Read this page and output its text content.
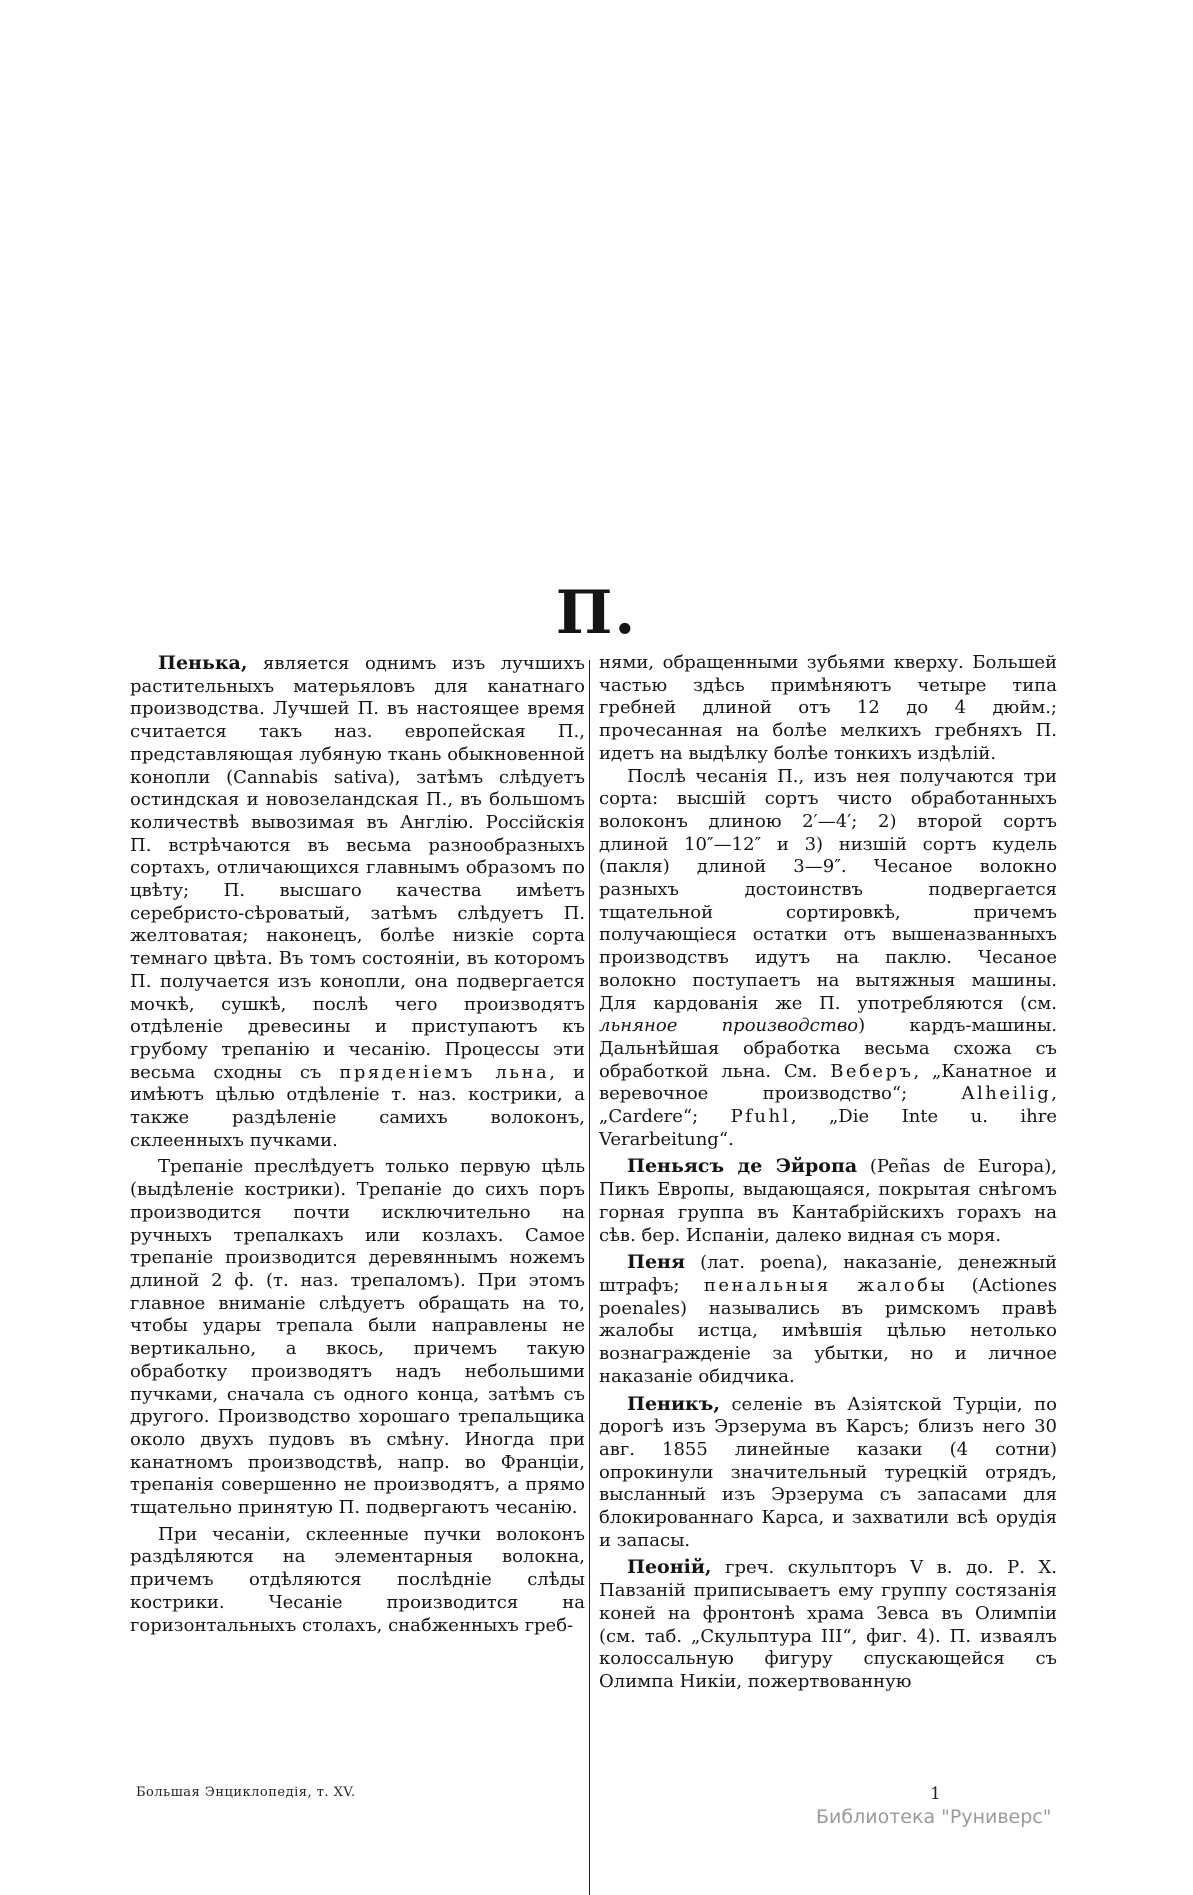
П.

Пенька, является однимъ изъ лучшихъ растительныхъ матерьяловъ для канатнаго производства. Лучшей П. въ настоящее время считается такъ наз. европейская П., представляющая лубяную ткань обыкновенной конопли (Cannabis sativa), затѣмъ слѣдуетъ остиндская и новозеландская П., въ большомъ количествѣ вывозимая въ Англію. Россійскія П. встрѣчаются въ весьма разнообразныхъ сортахъ, отличающихся главнымъ образомъ по цвѣту; П. высшаго качества имѣетъ серебристо-сѣроватый, затѣмъ слѣдуетъ П. желтоватая; наконецъ, болѣе низкіе сорта темнаго цвѣта. Въ томъ состояніи, въ которомъ П. получается изъ конопли, она подвергается мочкѣ, сушкѣ, послѣ чего производятъ отдѣленіе древесины и приступаютъ къ грубому трепанію и чесанію. Процессы эти весьма сходны съ пряденіемъ льна, и имѣютъ цѣлью отдѣленіе т. наз. кострики, а также раздѣленіе самихъ волоконъ, склеенныхъ пучками.

Трепаніе преслѣдуетъ только первую цѣль (выдѣленіе кострики). Трепаніе до сихъ поръ производится почти исключительно на ручныхъ трепалкахъ или козлахъ. Самое трепаніе производится деревяннымъ ножемъ длиной 2 ф. (т. наз. трепаломъ). При этомъ главное вниманіе слѣдуетъ обращать на то, чтобы удары трепала были направлены не вертикально, а вкось, причемъ такую обработку производятъ надъ небольшими пучками, сначала съ одного конца, затѣмъ съ другого. Производство хорошаго трепальщика около двухъ пудовъ въ смѣну. Иногда при канатномъ производствѣ, напр. во Франціи, трепанія совершенно не производятъ, а прямо тщательно принятую П. подвергаютъ чесанію.

При чесаніи, склеенные пучки волоконъ раздѣляются на элементарныя волокна, причемъ отдѣляются послѣдніе слѣды кострики. Чесаніе производится на горизонтальныхъ столахъ, снабженныхъ греб-

нями, обращенными зубьями кверху. Большей частью здѣсь примѣняютъ четыре типа гребней длиной отъ 12 до 4 дюйм.; прочесанная на болѣе мелкихъ гребняхъ П. идетъ на выдѣлку болѣе тонкихъ издѣлій.

Послѣ чесанія П., изъ нея получаются три сорта: высшій сортъ чисто обработанныхъ волоконъ длиною 2′—4′; 2) второй сортъ длиной 10″—12″ и 3) низшій сортъ кудель (пакля) длиной 3—9″. Чесаное волокно разныхъ достоинствъ подвергается тщательной сортировкѣ, причемъ получающіеся остатки отъ вышеназванныхъ производствъ идутъ на паклю. Чесаное волокно поступаетъ на вытяжныя машины. Для кардованія же П. употребляются (см. льняное производство) кардъ-машины. Дальнѣйшая обработка весьма схожа съ обработкой льна. См. Веберъ, „Канатное и веревочное производство“; Alheilig, „Cardere“; Pfuhl, „Die Inte u. ihre Verarbeitung“.

Пеньясъ де Эйропа (Peñas de Europa), Пикъ Европы, выдающаяся, покрытая снѣгомъ горная группа въ Кантабрійскихъ горахъ на сѣв. бер. Испаніи, далеко видная съ моря.

Пеня (лат. poena), наказаніе, денежный штрафъ; пенальныя жалобы (Actiones poenales) назывались въ римскомъ правѣ жалобы истца, имѣвшія цѣлью нетолько вознагражденіе за убытки, но и личное наказаніе обидчика.

Пеникъ, селеніе въ Азіятской Турціи, по дорогѣ изъ Эрзерума въ Карсъ; близъ него 30 авг. 1855 линейные казаки (4 сотни) опрокинули значительный турецкій отрядъ, высланный изъ Эрзерума съ запасами для блокированнаго Карса, и захватили всѣ орудія и запасы.

Пеоній, греч. скульпторъ V в. до. Р. Х. Павзаній приписываетъ ему группу состязанія коней на фронтонѣ храма Зевса въ Олимпіи (см. таб. „Скульптура III“, фиг. 4). П. изваялъ колоссальную фигуру спускающейся съ Олимпа Никіи, пожертвованную

Большая Энциклопедія, т. XV.	1
Библиотека "Руниверс"
